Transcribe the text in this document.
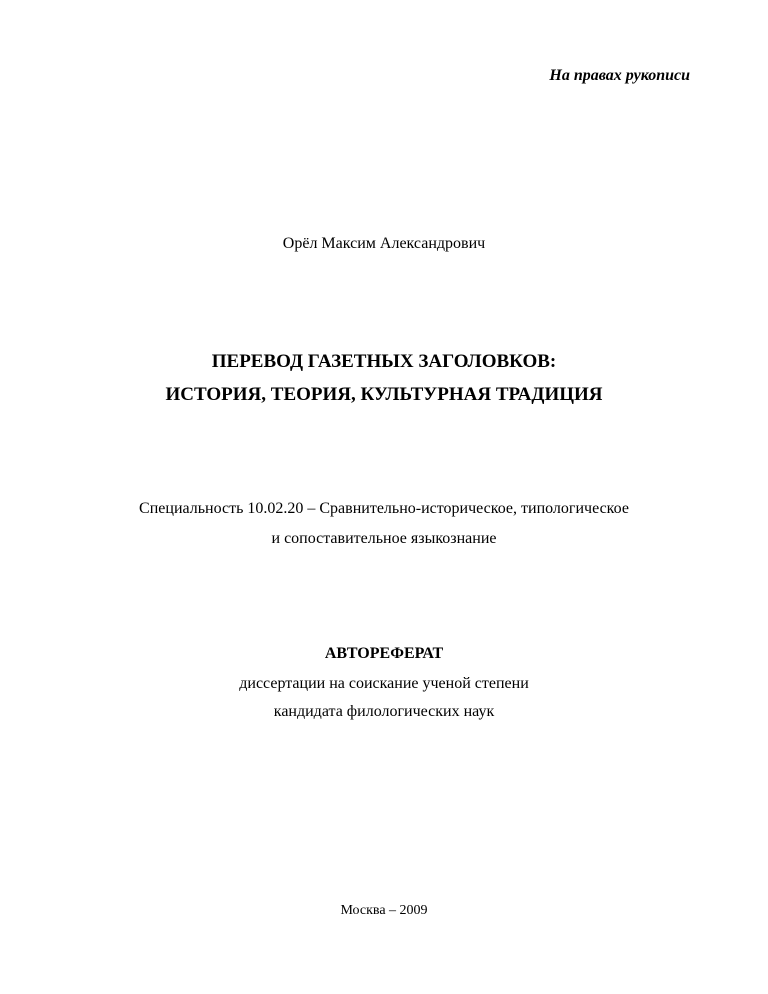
На правах рукописи
Орёл Максим Александрович
ПЕРЕВОД ГАЗЕТНЫХ ЗАГОЛОВКОВ:
ИСТОРИЯ, ТЕОРИЯ, КУЛЬТУРНАЯ ТРАДИЦИЯ
Специальность 10.02.20 – Сравнительно-историческое, типологическое
и сопоставительное языкознание
АВТОРЕФЕРАТ
диссертации на соискание ученой степени
кандидата филологических наук
Москва – 2009
